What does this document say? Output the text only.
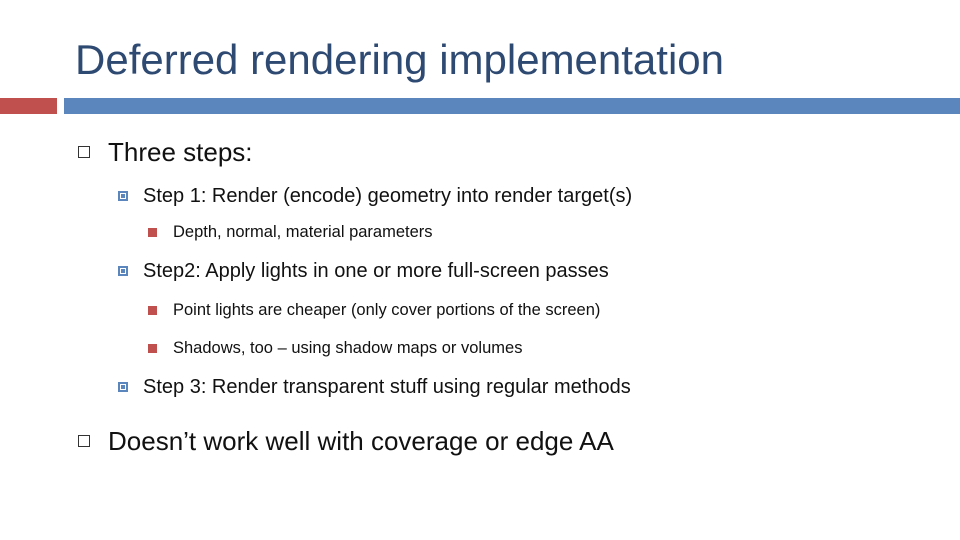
Deferred rendering implementation
Three steps:
Step 1: Render (encode) geometry into render target(s)
Depth, normal, material parameters
Step2: Apply lights in one or more full-screen passes
Point lights are cheaper (only cover portions of the screen)
Shadows, too – using shadow maps or volumes
Step 3: Render transparent stuff using regular methods
Doesn’t work well with coverage or edge AA
